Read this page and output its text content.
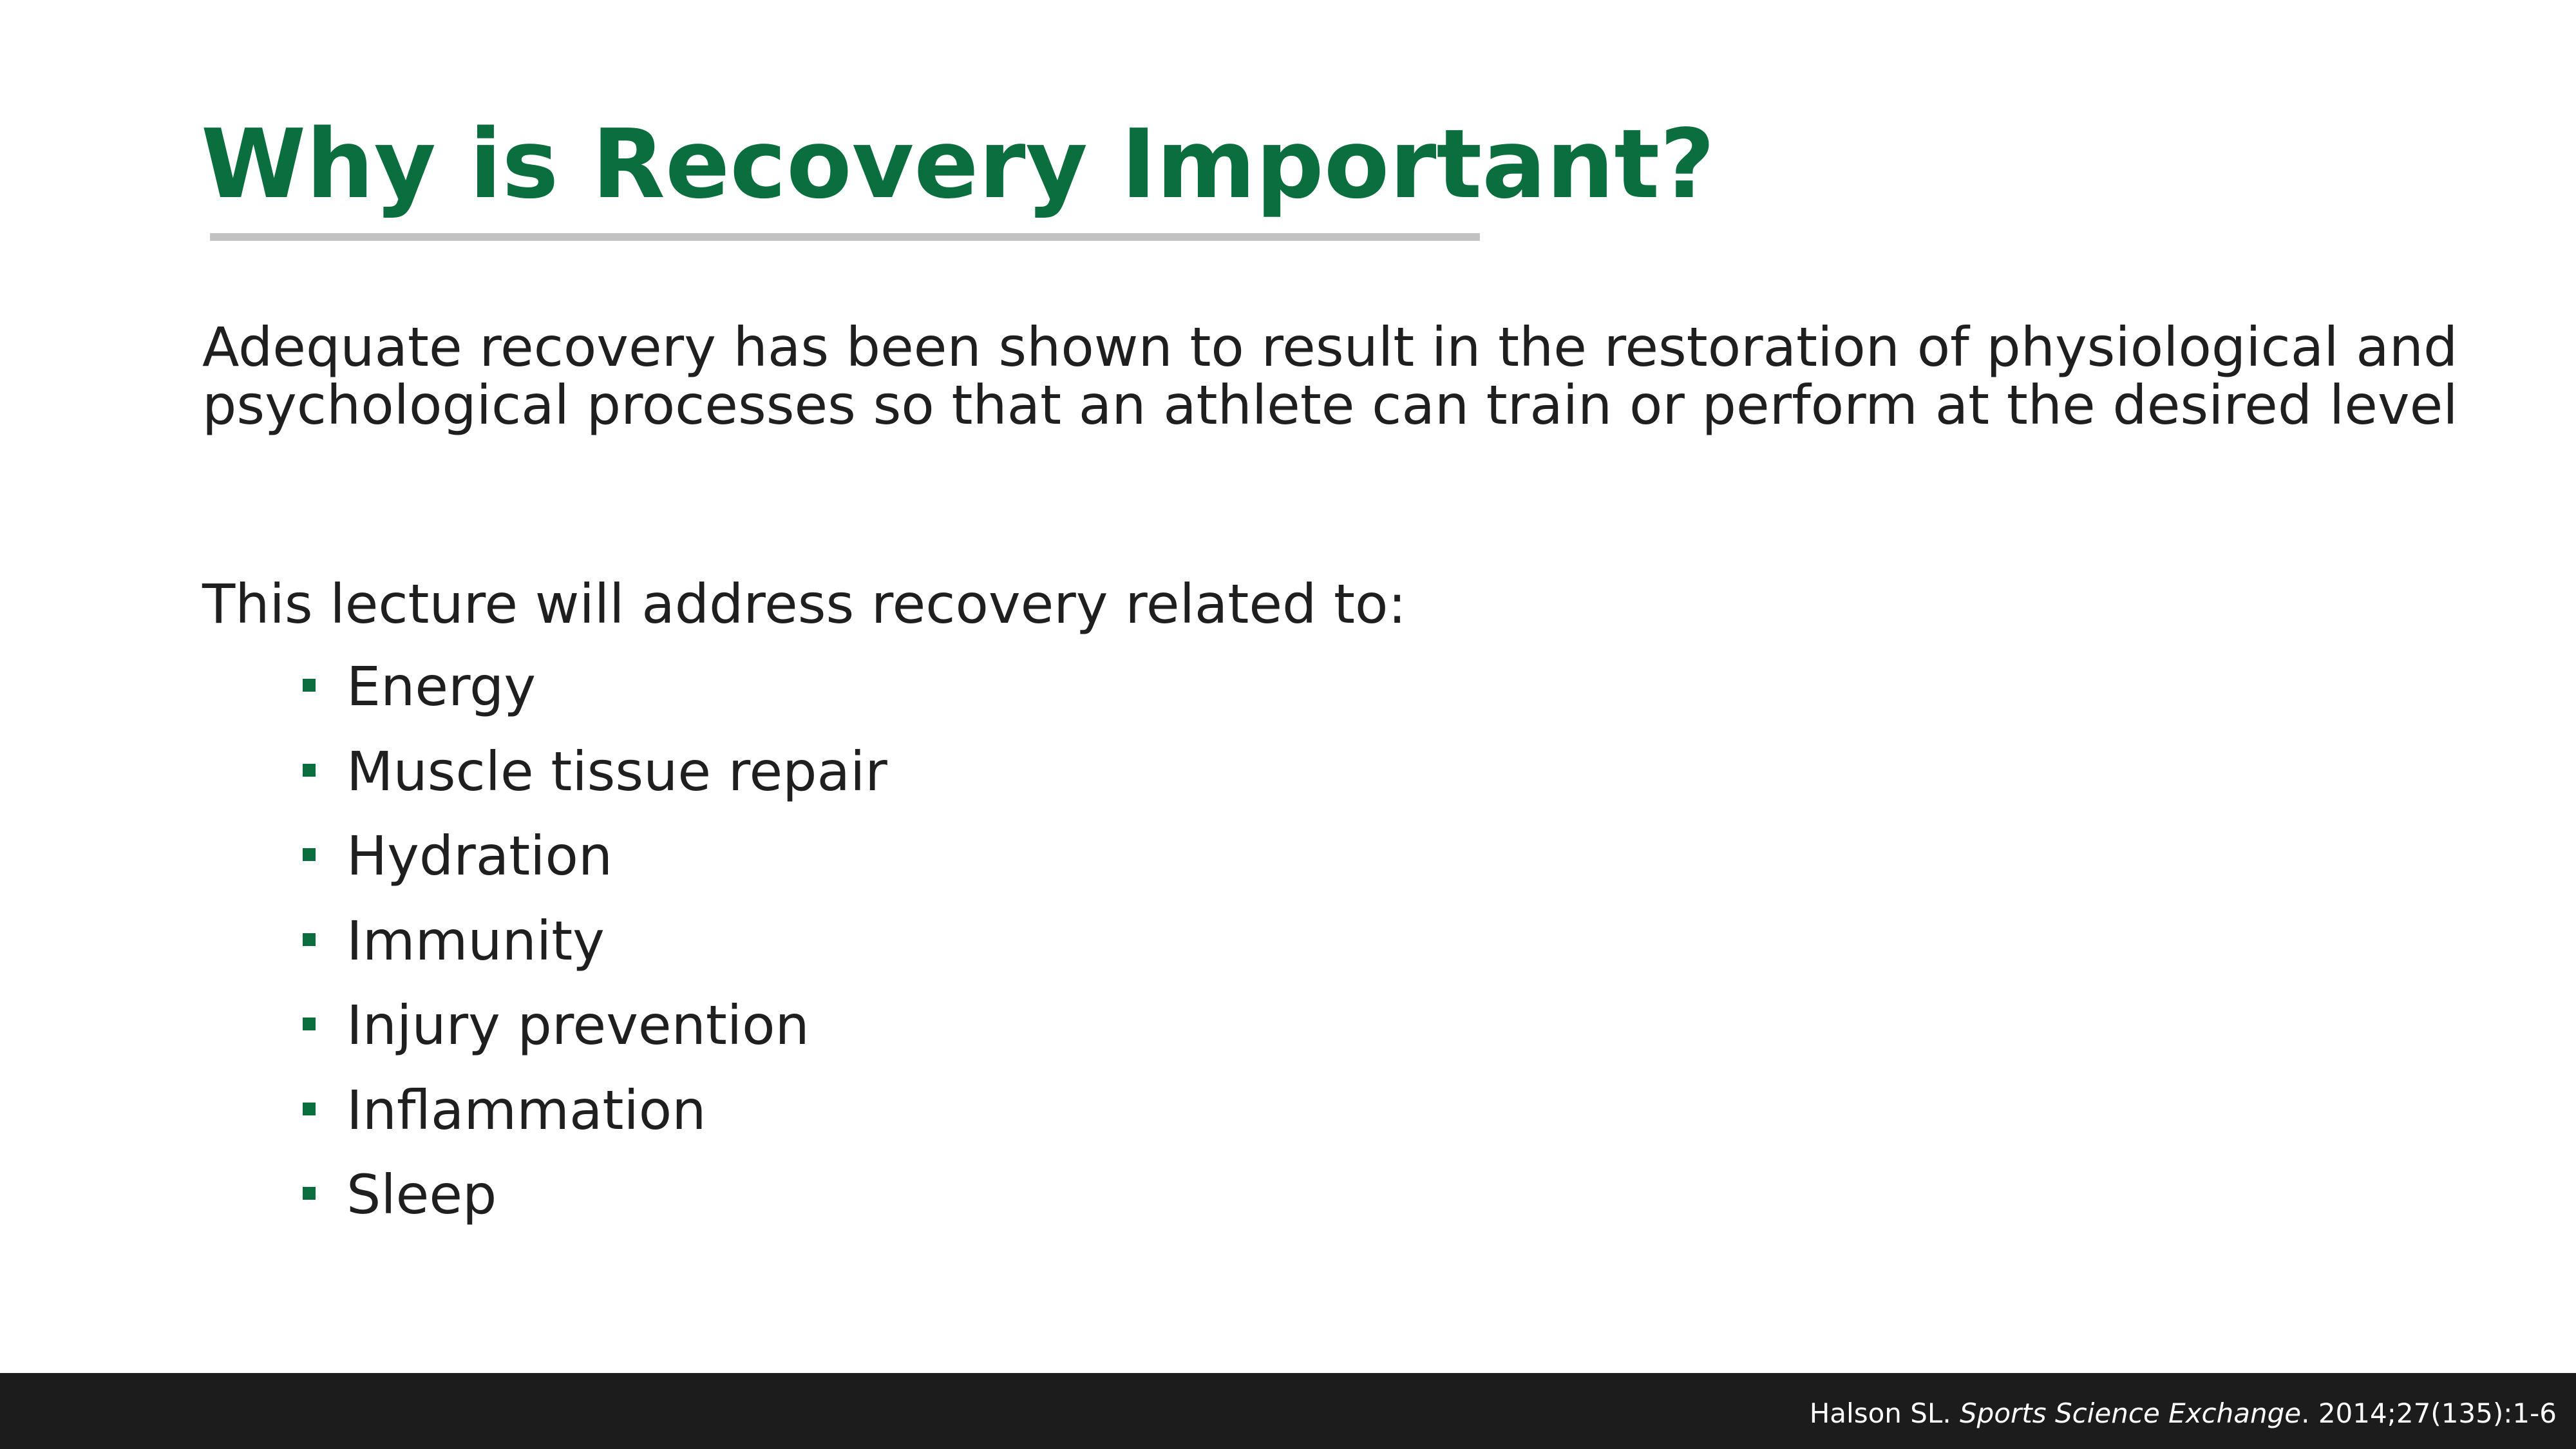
Why is Recovery Important?

Adequate recovery has been shown to result in the restoration of physiological and
psychological processes so that an athlete can train or perform at the desired level

This lecture will address recovery related to:

Energy
Muscle tissue repair
Hydration
Immunity
Injury prevention
Inflammation
Sleep
Halson SL. Sports Science Exchange. 2014;27(135):1-6
